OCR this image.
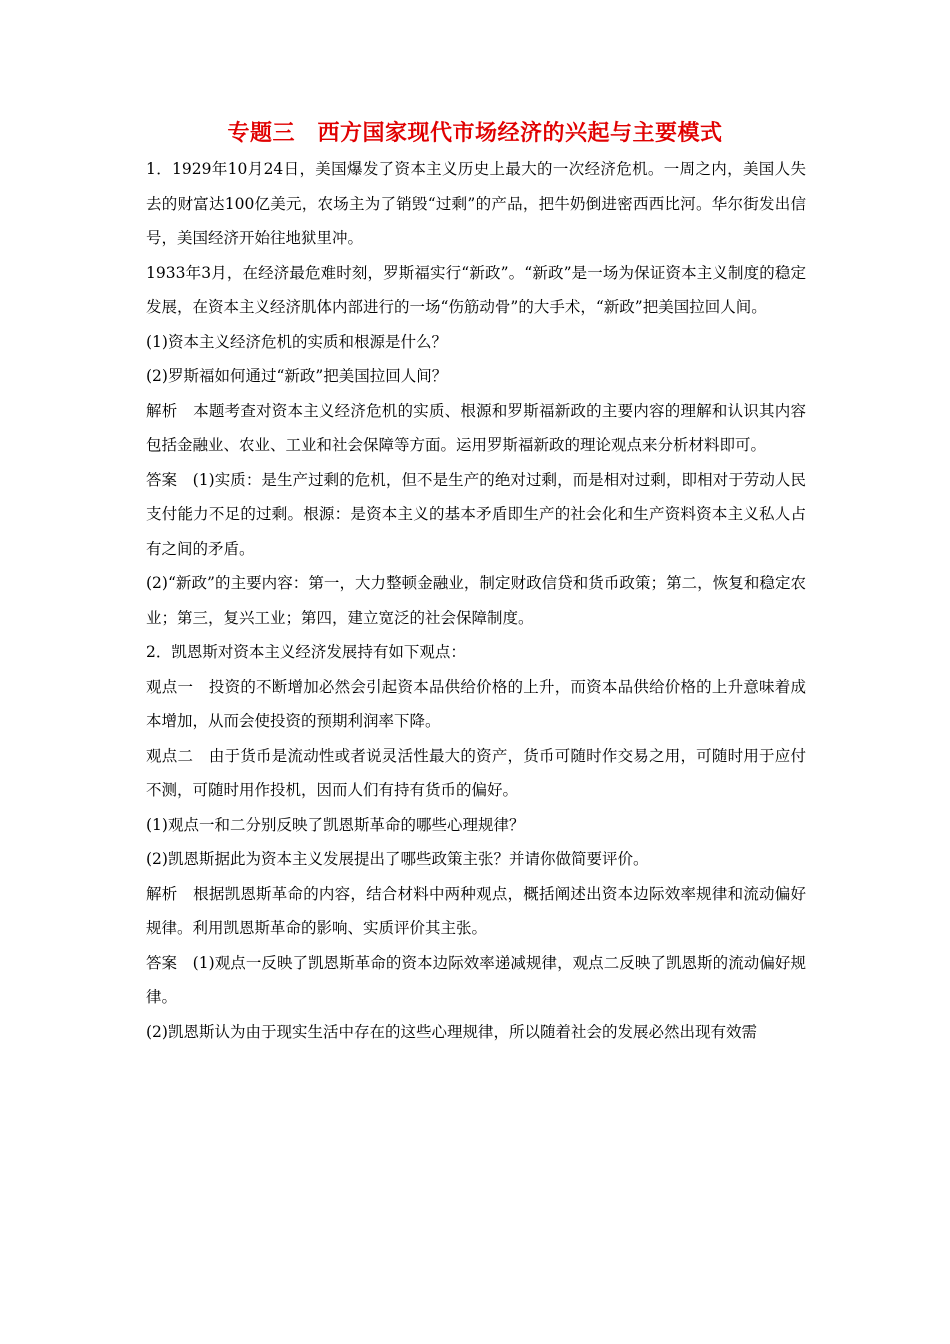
专题三　西方国家现代市场经济的兴起与主要模式

1．1929年10月24日，美国爆发了资本主义历史上最大的一次经济危机。一周之内，美国人失去的财富达100亿美元，农场主为了销毁“过剩”的产品，把牛奶倒进密西西比河。华尔街发出信号，美国经济开始往地狱里冲。

1933年3月，在经济最危难时刻，罗斯福实行“新政”。“新政”是一场为保证资本主义制度的稳定发展，在资本主义经济肌体内部进行的一场“伤筋动骨”的大手术，“新政”把美国拉回人间。

(1)资本主义经济危机的实质和根源是什么？

(2)罗斯福如何通过“新政”把美国拉回人间？

解析　本题考查对资本主义经济危机的实质、根源和罗斯福新政的主要内容的理解和认识其内容包括金融业、农业、工业和社会保障等方面。运用罗斯福新政的理论观点来分析材料即可。

答案　(1)实质：是生产过剩的危机，但不是生产的绝对过剩，而是相对过剩，即相对于劳动人民支付能力不足的过剩。根源：是资本主义的基本矛盾即生产的社会化和生产资料资本主义私人占有之间的矛盾。

(2)“新政”的主要内容：第一，大力整顿金融业，制定财政信贷和货币政策；第二，恢复和稳定农业；第三，复兴工业；第四，建立宽泛的社会保障制度。

2．凯恩斯对资本主义经济发展持有如下观点：

观点一　投资的不断增加必然会引起资本品供给价格的上升，而资本品供给价格的上升意味着成本增加，从而会使投资的预期利润率下降。

观点二　由于货币是流动性或者说灵活性最大的资产，货币可随时作交易之用，可随时用于应付不测，可随时用作投机，因而人们有持有货币的偏好。

(1)观点一和二分别反映了凯恩斯革命的哪些心理规律？

(2)凯恩斯据此为资本主义发展提出了哪些政策主张？并请你做简要评价。

解析　根据凯恩斯革命的内容，结合材料中两种观点，概括阐述出资本边际效率规律和流动偏好规律。利用凯恩斯革命的影响、实质评价其主张。

答案　(1)观点一反映了凯恩斯革命的资本边际效率递减规律，观点二反映了凯恩斯的流动偏好规律。

(2)凯恩斯认为由于现实生活中存在的这些心理规律，所以随着社会的发展必然出现有效需
